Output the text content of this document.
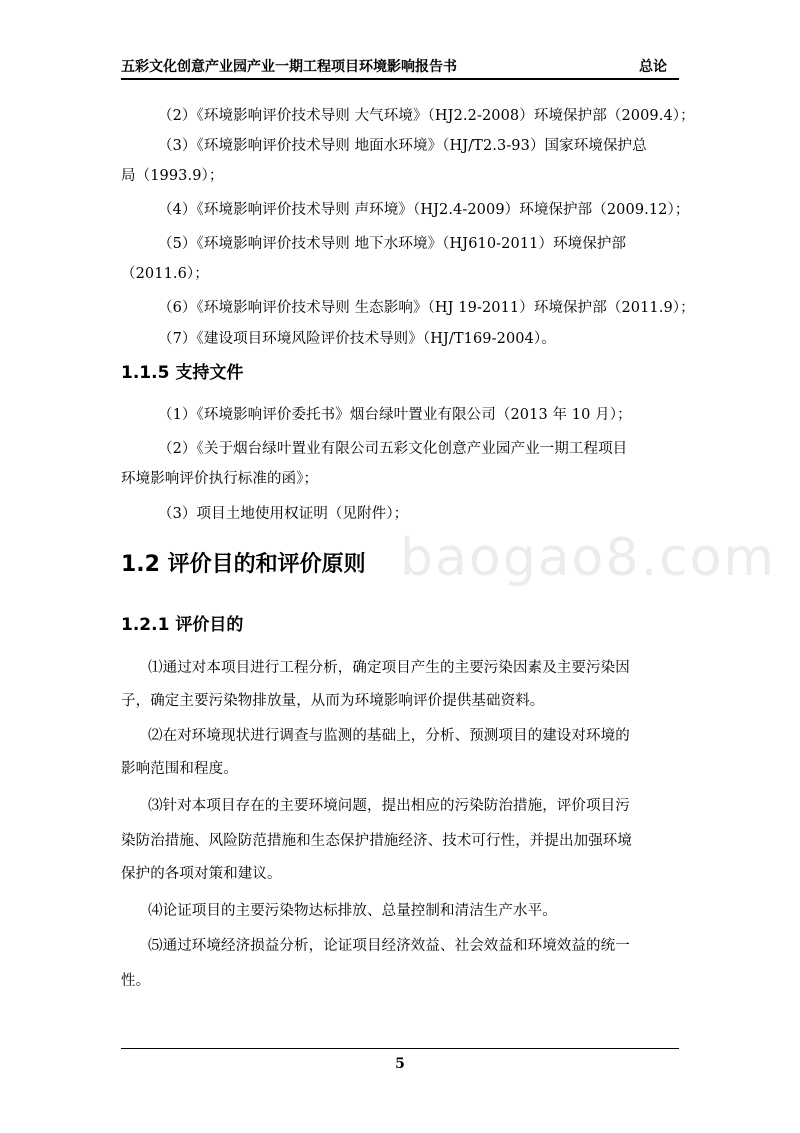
五彩文化创意产业园产业一期工程项目环境影响报告书	总论
baogao8.com
（2）《环境影响评价技术导则 大气环境》（HJ2.2-2008）环境保护部（2009.4）；
（3）《环境影响评价技术导则 地面水环境》（HJ/T2.3-93）国家环境保护总
局（1993.9）；
（4）《环境影响评价技术导则 声环境》（HJ2.4-2009）环境保护部（2009.12）；
（5）《环境影响评价技术导则 地下水环境》（HJ610-2011）环境保护部
（2011.6）；
（6）《环境影响评价技术导则 生态影响》（HJ 19-2011）环境保护部（2011.9）；
（7）《建设项目环境风险评价技术导则》（HJ/T169-2004）。
1.1.5 支持文件
（1）《环境影响评价委托书》烟台绿叶置业有限公司（2013 年 10 月）；
（2）《关于烟台绿叶置业有限公司五彩文化创意产业园产业一期工程项目
环境影响评价执行标准的函》；
（3）项目土地使用权证明（见附件）；
1.2 评价目的和评价原则
1.2.1 评价目的
⑴通过对本项目进行工程分析，确定项目产生的主要污染因素及主要污染因
子，确定主要污染物排放量，从而为环境影响评价提供基础资料。
⑵在对环境现状进行调查与监测的基础上，分析、预测项目的建设对环境的
影响范围和程度。
⑶针对本项目存在的主要环境问题，提出相应的污染防治措施，评价项目污
染防治措施、风险防范措施和生态保护措施经济、技术可行性，并提出加强环境
保护的各项对策和建议。
⑷论证项目的主要污染物达标排放、总量控制和清洁生产水平。
⑸通过环境经济损益分析，论证项目经济效益、社会效益和环境效益的统一
性。
5
